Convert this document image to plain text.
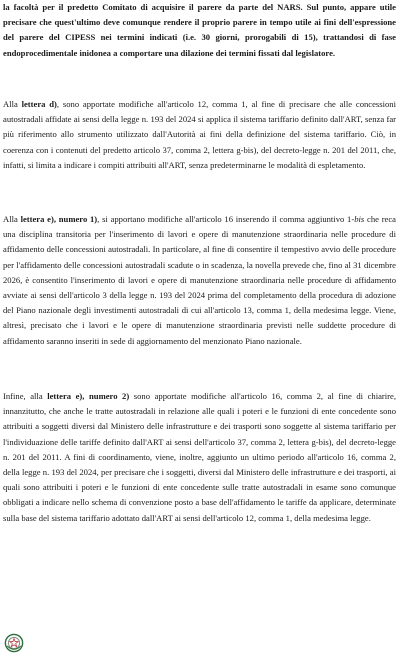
la facoltà per il predetto Comitato di acquisire il parere da parte del NARS. Sul punto, appare utile precisare che quest'ultimo deve comunque rendere il proprio parere in tempo utile ai fini dell'espressione del parere del CIPESS nei termini indicati (i.e. 30 giorni, prorogabili di 15), trattandosi di fase endoprocedimentale inidonea a comportare una dilazione dei termini fissati dal legislatore.

Alla lettera d), sono apportate modifiche all'articolo 12, comma 1, al fine di precisare che alle concessioni autostradali affidate ai sensi della legge n. 193 del 2024 si applica il sistema tariffario definito dall'ART, senza far più riferimento allo strumento utilizzato dall'Autorità ai fini della definizione del sistema tariffario. Ciò, in coerenza con i contenuti del predetto articolo 37, comma 2, lettera g-bis), del decreto-legge n. 201 del 2011, che, infatti, si limita a indicare i compiti attribuiti all'ART, senza predeterminarne le modalità di espletamento.

Alla lettera e), numero 1), si apportano modifiche all'articolo 16 inserendo il comma aggiuntivo 1-bis che reca una disciplina transitoria per l'inserimento di lavori e opere di manutenzione straordinaria nelle procedure di affidamento delle concessioni autostradali. In particolare, al fine di consentire il tempestivo avvio delle procedure per l'affidamento delle concessioni autostradali scadute o in scadenza, la novella prevede che, fino al 31 dicembre 2026, è consentito l'inserimento di lavori e opere di manutenzione straordinaria nelle procedure di affidamento avviate ai sensi dell'articolo 3 della legge n. 193 del 2024 prima del completamento della procedura di adozione del Piano nazionale degli investimenti autostradali di cui all'articolo 13, comma 1, della medesima legge. Viene, altresì, precisato che i lavori e le opere di manutenzione straordinaria previsti nelle suddette procedure di affidamento saranno inseriti in sede di aggiornamento del menzionato Piano nazionale.

Infine, alla lettera e), numero 2) sono apportate modifiche all'articolo 16, comma 2, al fine di chiarire, innanzitutto, che anche le tratte autostradali in relazione alle quali i poteri e le funzioni di ente concedente sono attribuiti a soggetti diversi dal Ministero delle infrastrutture e dei trasporti sono soggette al sistema tariffario per l'individuazione delle tariffe definito dall'ART ai sensi dell'articolo 37, comma 2, lettera g-bis), del decreto-legge n. 201 del 2011. A fini di coordinamento, viene, inoltre, aggiunto un ultimo periodo all'articolo 16, comma 2, della legge n. 193 del 2024, per precisare che i soggetti, diversi dal Ministero delle infrastrutture e dei trasporti, ai quali sono attribuiti i poteri e le funzioni di ente concedente sulle tratte autostradali in esame sono comunque obbligati a indicare nello schema di convenzione posto a base dell'affidamento le tariffe da applicare, determinate sulla base del sistema tariffario adottato dall'ART ai sensi dell'articolo 12, comma 1, della medesima legge.
